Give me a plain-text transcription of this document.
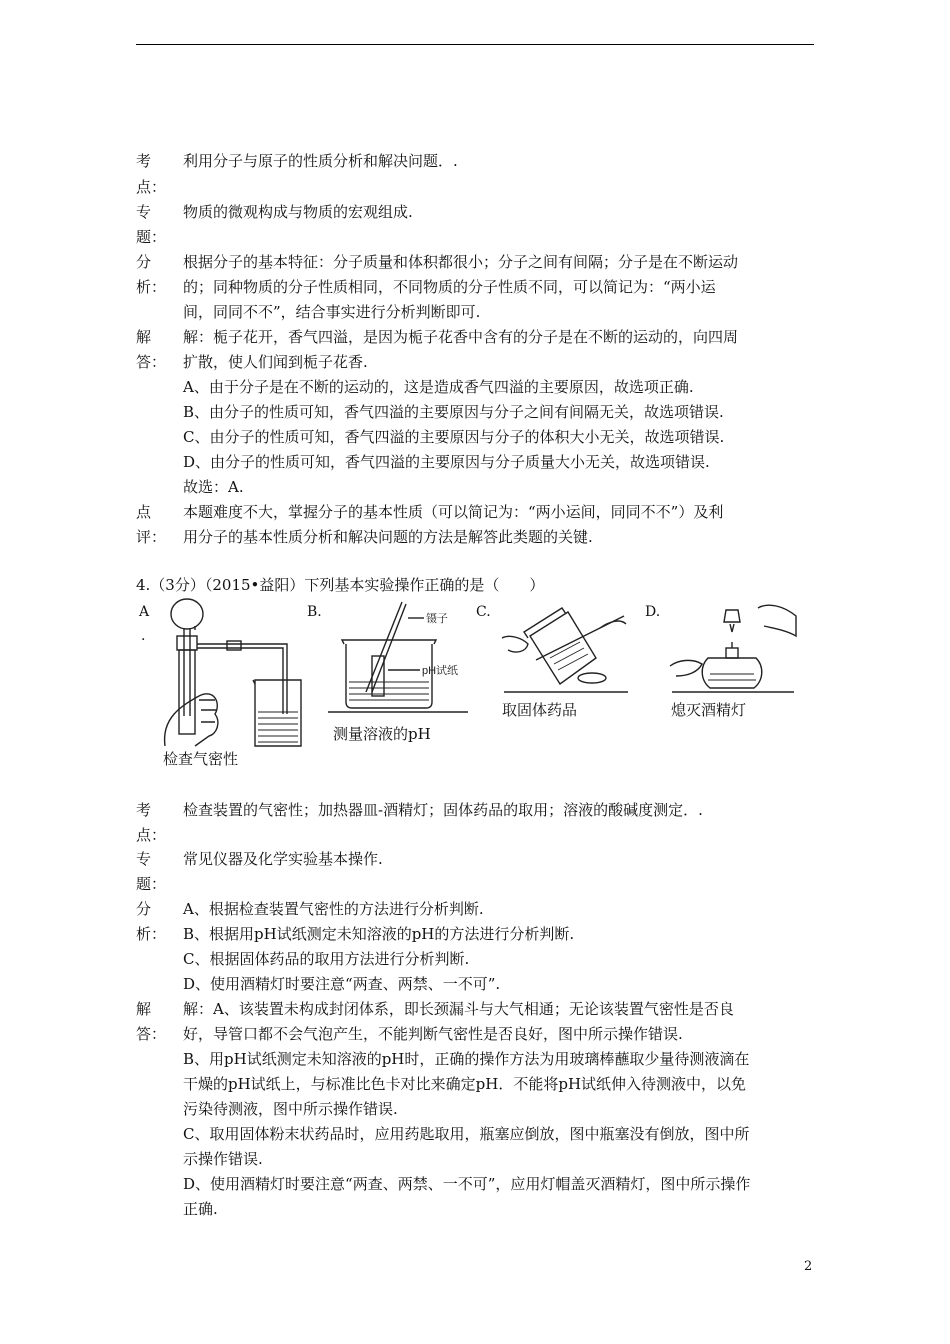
考
点：
利用分子与原子的性质分析和解决问题．.
专
题：
物质的微观构成与物质的宏观组成.
分
析：
根据分子的基本特征：分子质量和体积都很小；分子之间有间隔；分子是在不断运动
的；同种物质的分子性质相同，不同物质的分子性质不同，可以简记为：“两小运
间，同同不不”，结合事实进行分析判断即可.
解
答：
解：栀子花开，香气四溢，是因为栀子花香中含有的分子是在不断的运动的，向四周
扩散，使人们闻到栀子花香.
A、由于分子是在不断的运动的，这是造成香气四溢的主要原因，故选项正确.
B、由分子的性质可知，香气四溢的主要原因与分子之间有间隔无关，故选项错误.
C、由分子的性质可知，香气四溢的主要原因与分子的体积大小无关，故选项错误.
D、由分子的性质可知，香气四溢的主要原因与分子质量大小无关，故选项错误.
故选：A.
点
评：
本题难度不大，掌握分子的基本性质（可以简记为：“两小运间，同同不不”）及利
用分子的基本性质分析和解决问题的方法是解答此类题的关键.
4.（3分）（2015•益阳）下列基本实验操作正确的是（　　）
A
.
B.	C.	D.
检查气密性
镊子
pH试纸
测量溶液的pH
取固体药品	熄灭酒精灯
考
点：
检查装置的气密性；加热器皿-酒精灯；固体药品的取用；溶液的酸碱度测定．.
专
题：
常见仪器及化学实验基本操作.
分
析：
A、根据检查装置气密性的方法进行分析判断.
B、根据用pH试纸测定未知溶液的pH的方法进行分析判断.
C、根据固体药品的取用方法进行分析判断.
D、使用酒精灯时要注意“两查、两禁、一不可”.
解
答：
解：A、该装置未构成封闭体系，即长颈漏斗与大气相通；无论该装置气密性是否良
好，导管口都不会气泡产生，不能判断气密性是否良好，图中所示操作错误.
B、用pH试纸测定未知溶液的pH时，正确的操作方法为用玻璃棒蘸取少量待测液滴在
干燥的pH试纸上，与标准比色卡对比来确定pH．不能将pH试纸伸入待测液中，以免
污染待测液，图中所示操作错误.
C、取用固体粉末状药品时，应用药匙取用，瓶塞应倒放，图中瓶塞没有倒放，图中所
示操作错误.
D、使用酒精灯时要注意“两查、两禁、一不可”，应用灯帽盖灭酒精灯，图中所示操作
正确.
2
